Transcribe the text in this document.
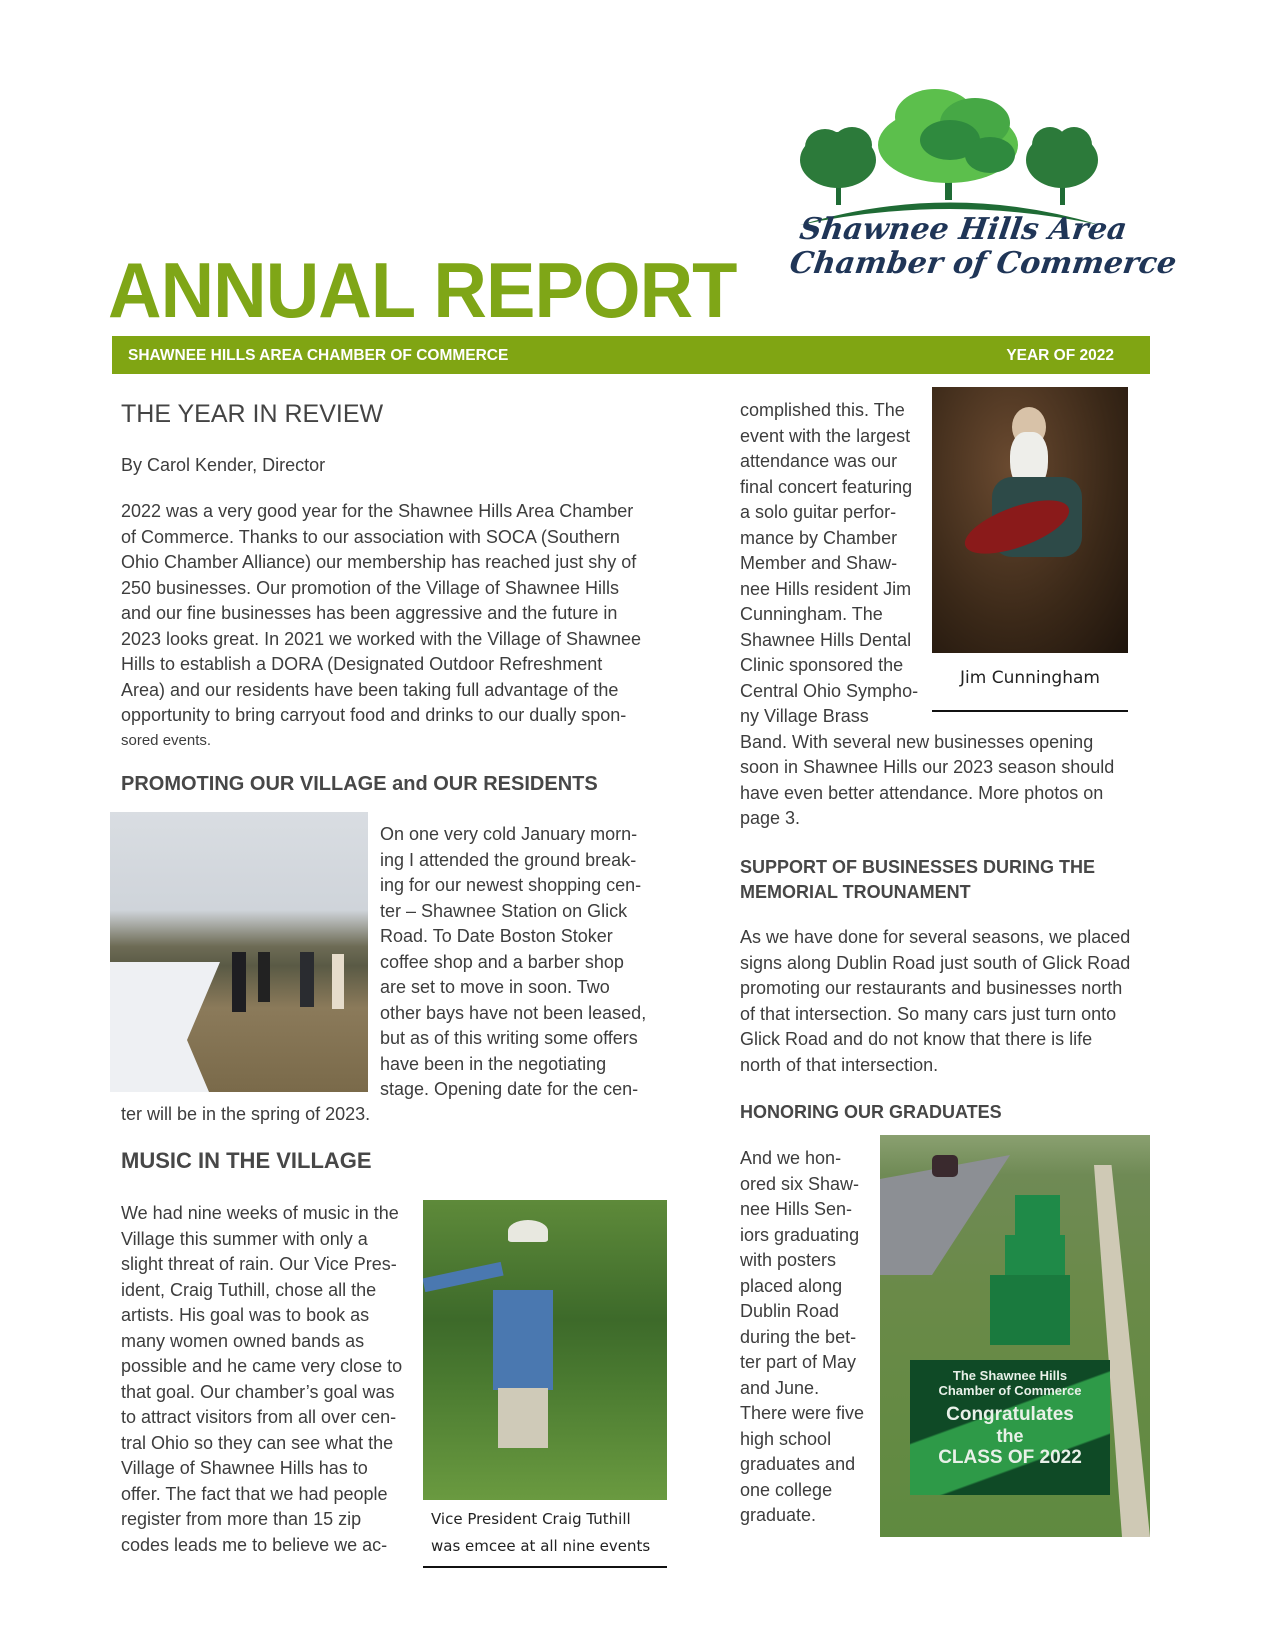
Shawnee Hills Area
Chamber of Commerce
ANNUAL REPORT
SHAWNEE HILLS AREA CHAMBER OF COMMERCE	YEAR OF 2022
THE YEAR IN REVIEW
By Carol Kender, Director
2022 was a very good year for the Shawnee Hills Area Chamber
of Commerce. Thanks to our association with SOCA (Southern
Ohio Chamber Alliance) our membership has reached just shy of
250 businesses. Our promotion of the Village of Shawnee Hills
and our fine businesses has been aggressive and the future in
2023 looks great. In 2021 we worked with the Village of Shawnee
Hills to establish a DORA (Designated Outdoor Refreshment
Area) and our residents have been taking full advantage of the
opportunity to bring carryout food and drinks to our dually spon-
sored events.
PROMOTING OUR VILLAGE and OUR RESIDENTS
On one very cold January morn-
ing I attended the ground break-
ing for our newest shopping cen-
ter – Shawnee Station on Glick
Road. To Date Boston Stoker
coffee shop and a barber shop
are set to move in soon. Two
other bays have not been leased,
but as of this writing some offers
have been in the negotiating
stage. Opening date for the cen-
ter will be in the spring of 2023.
MUSIC IN THE VILLAGE
We had nine weeks of music in the
Village this summer with only a
slight threat of rain. Our Vice Pres-
ident, Craig Tuthill, chose all the
artists. His goal was to book as
many women owned bands as
possible and he came very close to
that goal. Our chamber’s goal was
to attract visitors from all over cen-
tral Ohio so they can see what the
Village of Shawnee Hills has to
offer. The fact that we had people
register from more than 15 zip
codes leads me to believe we ac-
Vice President Craig Tuthill
was emcee at all nine events
complished this. The
event with the largest
attendance was our
final concert featuring
a solo guitar perfor-
mance by Chamber
Member and Shaw-
nee Hills resident Jim
Cunningham. The
Shawnee Hills Dental
Clinic sponsored the
Central Ohio Sympho-
ny Village Brass
Band. With several new businesses opening
soon in Shawnee Hills our 2023 season should
have even better attendance. More photos on
page 3.
Jim Cunningham
SUPPORT OF BUSINESSES DURING THE
MEMORIAL TROUNAMENT
As we have done for several seasons, we placed
signs along Dublin Road just south of Glick Road
promoting our restaurants and businesses north
of that intersection. So many cars just turn onto
Glick Road and do not know that there is life
north of that intersection.
HONORING OUR GRADUATES
And we hon-
ored six Shaw-
nee Hills Sen-
iors graduating
with posters
placed along
Dublin Road
during the bet-
ter part of May
and June.
There were five
high school
graduates and
one college
graduate.
The Shawnee Hills
Chamber of Commerce
Congratulates
the
CLASS OF 2022
